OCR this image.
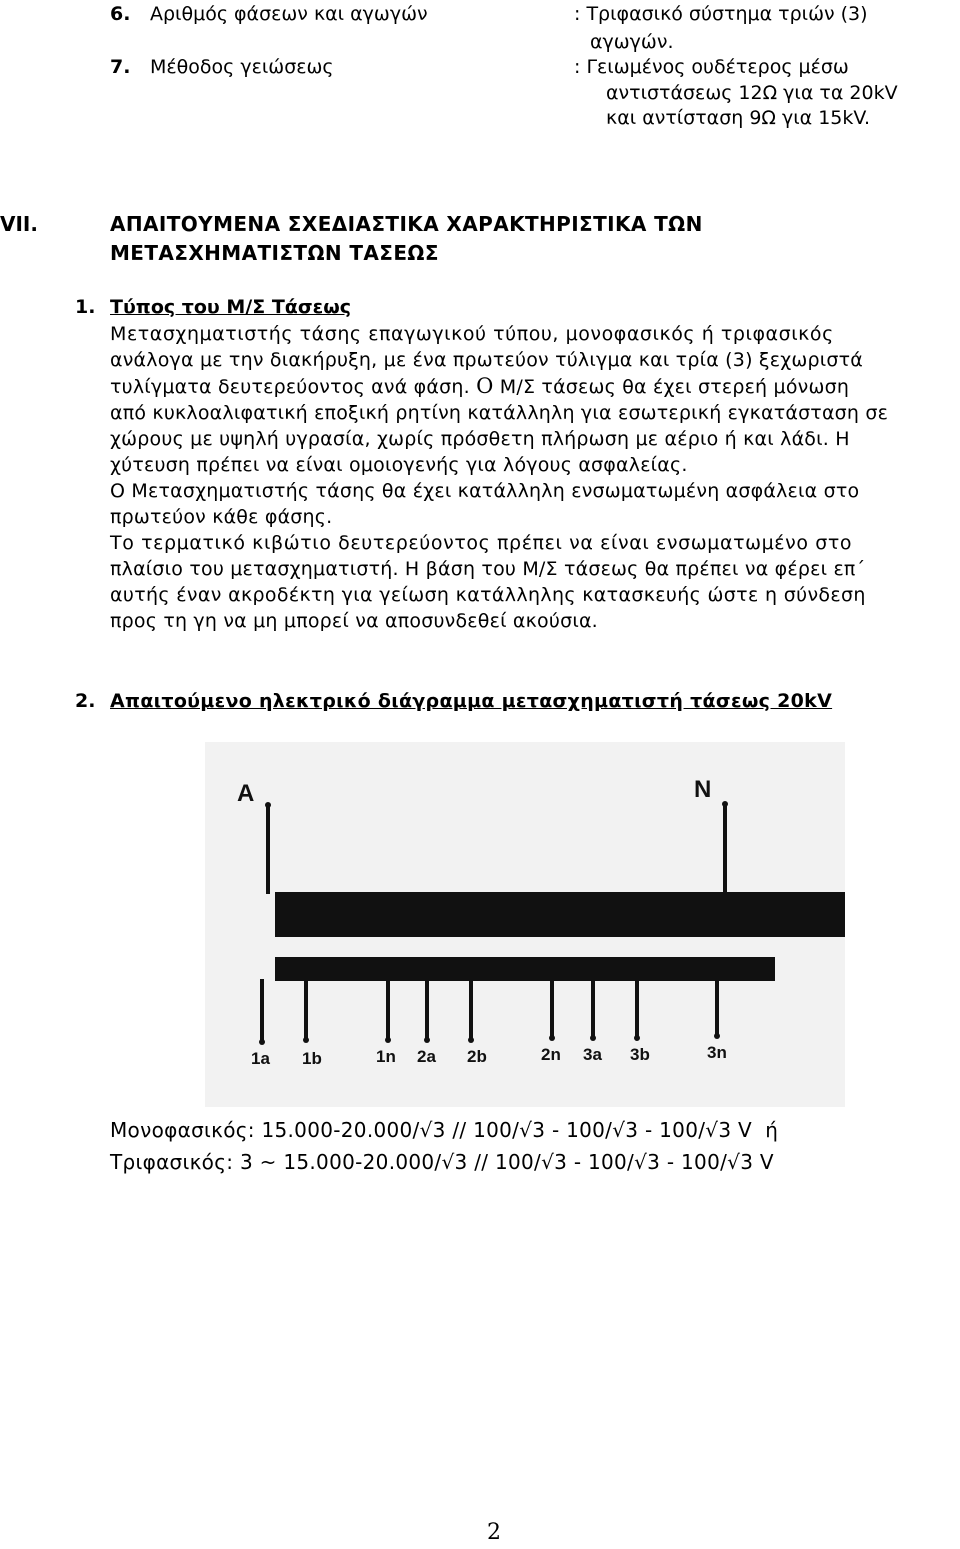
6. Αριθμός φάσεων και αγωγών	: Τριφασικό σύστημα τριών (3)

αγωγών.

7. Μέθοδος γειώσεως	: Γειωμένος ουδέτερος μέσω

αντιστάσεως 12Ω για τα 20kV

και αντίσταση 9Ω για 15kV.

VII.	ΑΠΑΙΤΟΥΜΕΝΑ ΣΧΕΔΙΑΣΤΙΚΑ ΧΑΡΑΚΤΗΡΙΣΤΙΚΑ ΤΩΝ

ΜΕΤΑΣΧΗΜΑΤΙΣΤΩΝ ΤΑΣΕΩΣ

1. Τύπος του Μ/Σ Τάσεως

Μετασχηματιστής τάσης επαγωγικού τύπου, μονοφασικός ή τριφασικός
ανάλογα με την διακήρυξη, με ένα πρωτεύον τύλιγμα και τρία (3) ξεχωριστά
τυλίγματα δευτερεύοντος ανά φάση. Ο Μ/Σ τάσεως θα έχει στερεή μόνωση
από κυκλοαλιφατική εποξική ρητίνη κατάλληλη για εσωτερική εγκατάσταση σε
χώρους με υψηλή υγρασία, χωρίς πρόσθετη πλήρωση με αέριο ή και λάδι. Η
χύτευση πρέπει να είναι ομοιογενής για λόγους ασφαλείας.
Ο Μετασχηματιστής τάσης θα έχει κατάλληλη ενσωματωμένη ασφάλεια στο
πρωτεύον κάθε φάσης.
Το τερματικό κιβώτιο δευτερεύοντος πρέπει να είναι ενσωματωμένο στο
πλαίσιο του μετασχηματιστή. Η βάση του Μ/Σ τάσεως θα πρέπει να φέρει επ΄
αυτής έναν ακροδέκτη για γείωση κατάλληλης κατασκευής ώστε η σύνδεση
προς τη γη να μη μπορεί να αποσυνδεθεί ακούσια.

2. Απαιτούμενο ηλεκτρικό διάγραμμα μετασχηματιστή τάσεως 20kV

A	N
1a 1b	1n 2a 2b	2n 3a 3b	3n

Μονοφασικός: 15.000-20.000/√3 // 100/√3 - 100/√3 - 100/√3 V  ή

Τριφασικός: 3 ~ 15.000-20.000/√3 // 100/√3 - 100/√3 - 100/√3 V

2
